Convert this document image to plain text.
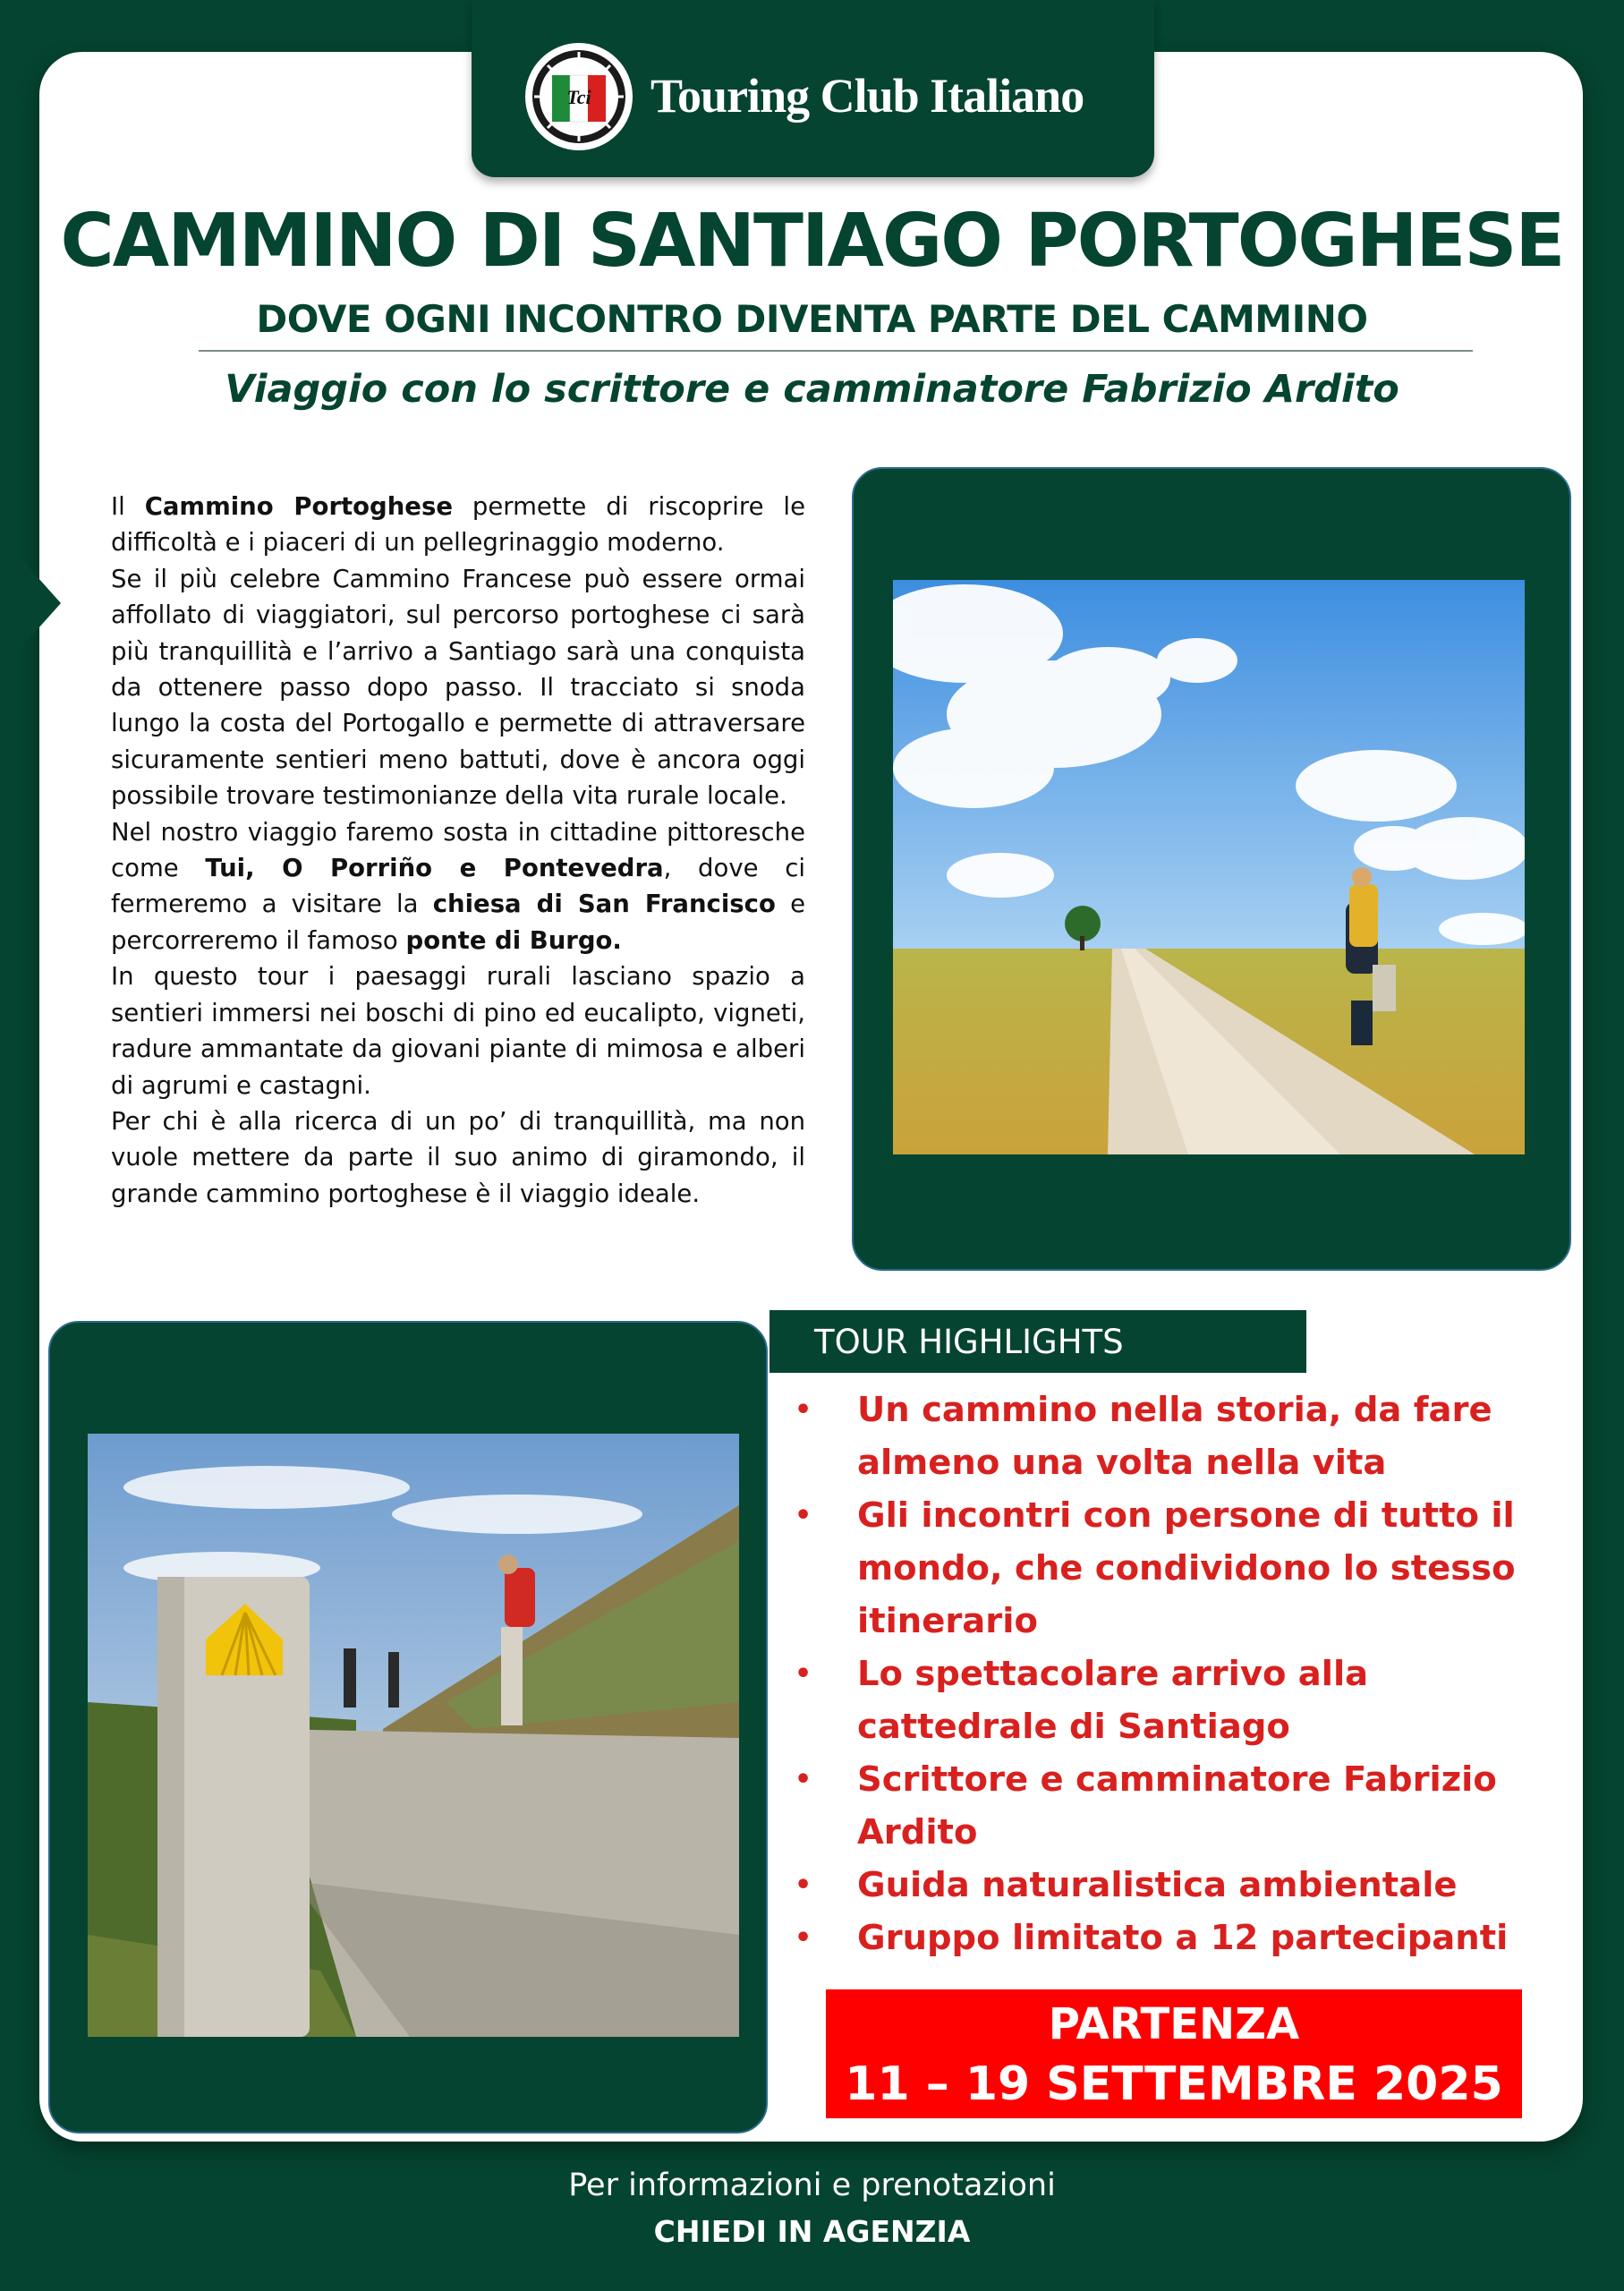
Tci Touring Club Italiano
CAMMINO DI SANTIAGO PORTOGHESE
DOVE OGNI INCONTRO DIVENTA PARTE DEL CAMMINO
Viaggio con lo scrittore e camminatore Fabrizio Ardito

Il Cammino Portoghese permette di riscoprire le difficoltà e i piaceri di un pellegrinaggio moderno.

Se il più celebre Cammino Francese può essere ormai affollato di viaggiatori, sul percorso portoghese ci sarà più tranquillità e l’arrivo a Santiago sarà una conquista da ottenere passo dopo passo. Il tracciato si snoda lungo la costa del Portogallo e permette di attraversare sicuramente sentieri meno battuti, dove è ancora oggi possibile trovare testimonianze della vita rurale locale.

Nel nostro viaggio faremo sosta in cittadine pittoresche come Tui, O Porriño e Pontevedra, dove ci fermeremo a visitare la chiesa di San Francisco e percorreremo il famoso ponte di Burgo.

In questo tour i paesaggi rurali lasciano spazio a sentieri immersi nei boschi di pino ed eucalipto, vigneti, radure ammantate da giovani piante di mimosa e alberi di agrumi e castagni.

Per chi è alla ricerca di un po’ di tranquillità, ma non vuole mettere da parte il suo animo di giramondo, il grande cammino portoghese è il viaggio ideale.

TOUR HIGHLIGHTS
• Un cammino nella storia, da fare almeno una volta nella vita
• Gli incontri con persone di tutto il mondo, che condividono lo stesso itinerario
• Lo spettacolare arrivo alla cattedrale di Santiago
• Scrittore e camminatore Fabrizio Ardito
• Guida naturalistica ambientale
• Gruppo limitato a 12 partecipanti
PARTENZA
11 – 19 SETTEMBRE 2025
Per informazioni e prenotazioni
CHIEDI IN AGENZIA
